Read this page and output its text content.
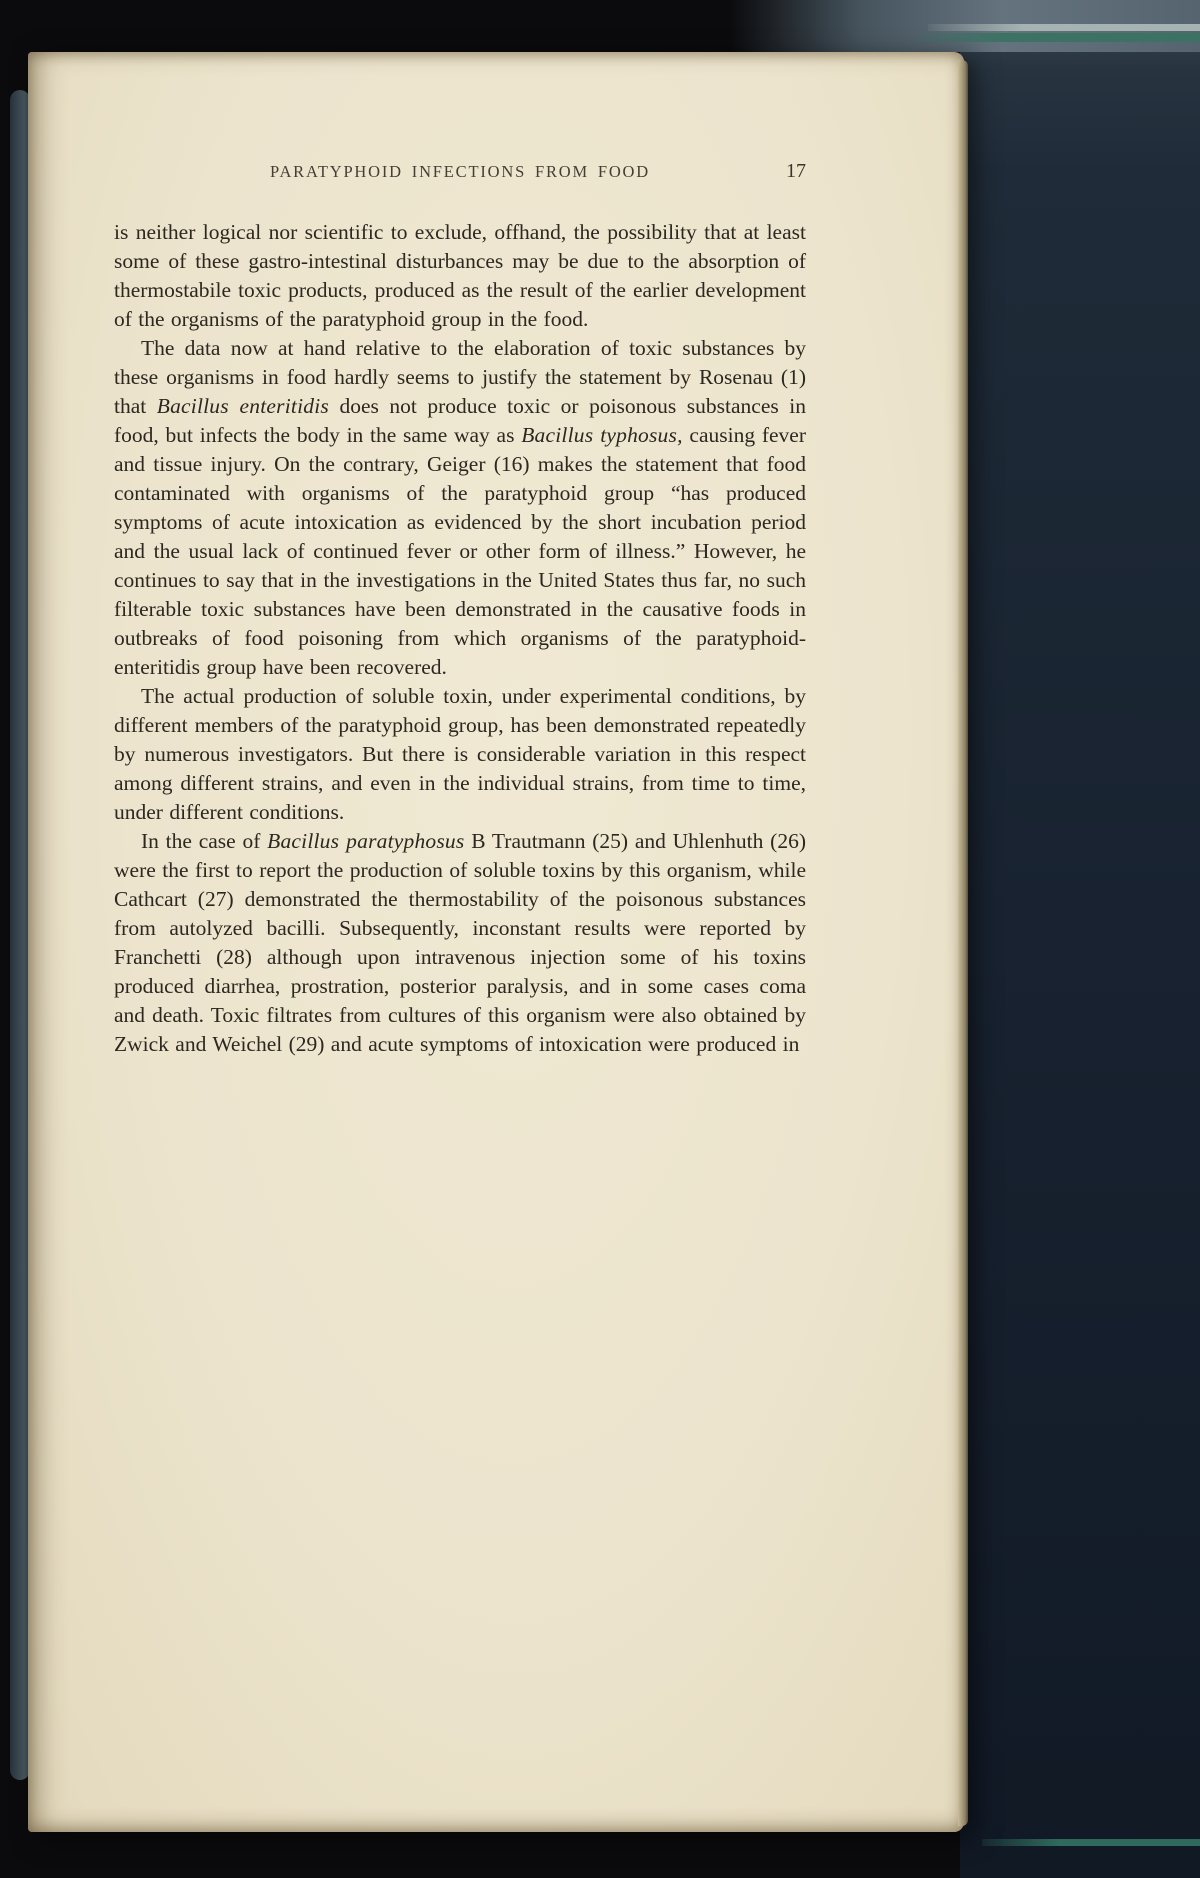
PARATYPHOID INFECTIONS FROM FOOD	17

is neither logical nor scientific to exclude, offhand, the possibility that at least some of these gastro-intestinal disturbances may be due to the absorption of thermostabile toxic products, produced as the result of the earlier development of the organisms of the paratyphoid group in the food.

The data now at hand relative to the elaboration of toxic substances by these organisms in food hardly seems to justify the statement by Rosenau (1) that Bacillus enteritidis does not produce toxic or poisonous substances in food, but infects the body in the same way as Bacillus typhosus, causing fever and tissue injury. On the contrary, Geiger (16) makes the statement that food contaminated with organisms of the paratyphoid group “has produced symptoms of acute intoxication as evidenced by the short incubation period and the usual lack of continued fever or other form of illness.” However, he continues to say that in the investigations in the United States thus far, no such filterable toxic substances have been demonstrated in the causative foods in outbreaks of food poisoning from which organisms of the paratyphoid-enteritidis group have been recovered.

The actual production of soluble toxin, under experimental conditions, by different members of the paratyphoid group, has been demonstrated repeatedly by numerous investigators. But there is considerable variation in this respect among different strains, and even in the individual strains, from time to time, under different conditions.

In the case of Bacillus paratyphosus B Trautmann (25) and Uhlenhuth (26) were the first to report the production of soluble toxins by this organism, while Cathcart (27) demonstrated the thermostability of the poisonous substances from autolyzed bacilli. Subsequently, inconstant results were reported by Franchetti (28) although upon intravenous injection some of his toxins produced diarrhea, prostration, posterior paralysis, and in some cases coma and death. Toxic filtrates from cultures of this organism were also obtained by Zwick and Weichel (29) and acute symptoms of intoxication were produced in
